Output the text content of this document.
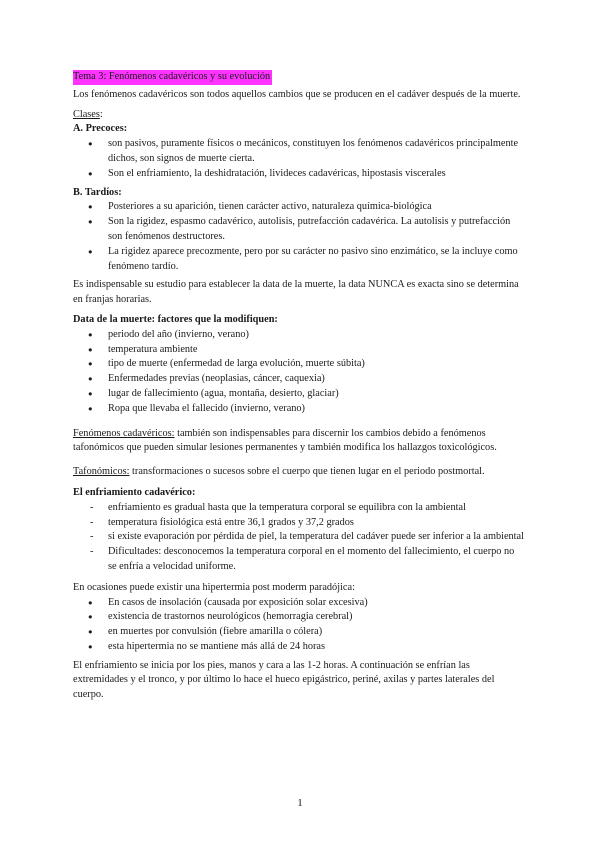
Tema 3: Fenómenos cadavéricos y su evolución

Los fenómenos cadavéricos son todos aquellos cambios que se producen en el cadáver después de la muerte.

Clases:

A. Precoces:

● son pasivos, puramente físicos o mecánicos, constituyen los fenómenos cadavéricos principalmente dichos, son signos de muerte cierta.
● Son el enfriamiento, la deshidratación, livideces cadavéricas, hipostasis viscerales

B. Tardíos:

● Posteriores a su aparición, tienen carácter activo, naturaleza química-biológica
● Son la rigidez, espasmo cadavérico, autolisis, putrefacción cadavérica. La autolisis y putrefacción son fenómenos destructores.
● La rigidez aparece precozmente, pero por su carácter no pasivo sino enzimático, se la incluye como fenómeno tardío.

Es indispensable su estudio para establecer la data de la muerte, la data NUNCA es exacta sino se determina en franjas horarias.

Data de la muerte: factores que la modifiquen:

● periodo del año (invierno, verano)
● temperatura ambiente
● tipo de muerte (enfermedad de larga evolución, muerte súbita)
● Enfermedades previas (neoplasias, cáncer, caquexia)
● lugar de fallecimiento (agua, montaña, desierto, glaciar)
● Ropa que llevaba el fallecido (invierno, verano)

Fenómenos cadavéricos: también son indispensables para discernir los cambios debido a fenómenos tafonómicos que pueden simular lesiones permanentes y también modifica los hallazgos toxicológicos.

Tafonómicos: transformaciones o sucesos sobre el cuerpo que tienen lugar en el periodo postmortal.

El enfriamiento cadavérico:

- enfriamiento es gradual hasta que la temperatura corporal se equilibra con la ambiental
- temperatura fisiológica está entre 36,1 grados y 37,2 grados
- si existe evaporación por pérdida de piel, la temperatura del cadáver puede ser inferior a la ambiental
- Dificultades: desconocemos la temperatura corporal en el momento del fallecimiento, el cuerpo no se enfría a velocidad uniforme.

En ocasiones puede existir una hipertermia post moderm paradójica:

● En casos de insolación (causada por exposición solar excesiva)
● existencia de trastornos neurológicos (hemorragia cerebral)
● en muertes por convulsión (fiebre amarilla o cólera)
● esta hipertermia no se mantiene más allá de 24 horas

El enfriamiento se inicia por los pies, manos y cara a las 1-2 horas. A continuación se enfrían las extremidades y el tronco, y por último lo hace el hueco epigástrico, periné, axilas y partes laterales del cuerpo.

1
